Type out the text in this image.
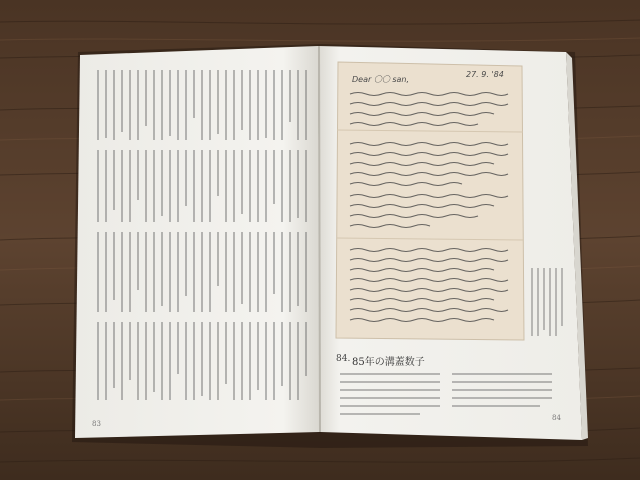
Dear 〇〇 san,
27. 9. '84
84. 85年の溝蓋数子
84
83
